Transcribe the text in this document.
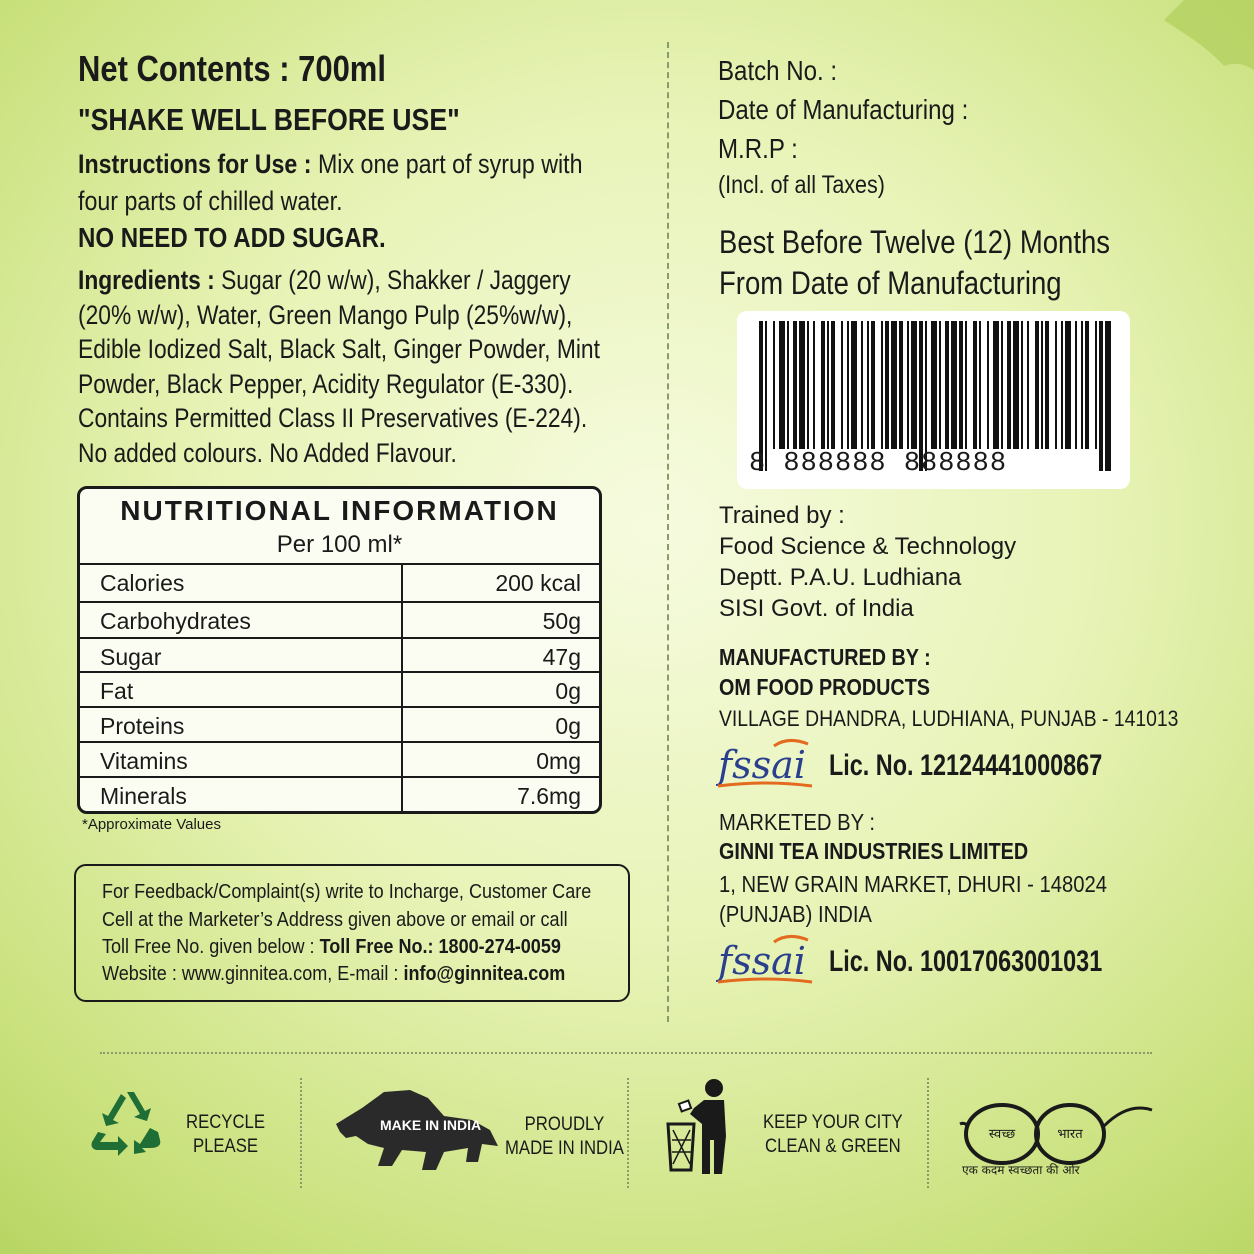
Net Contents : 700ml
"SHAKE WELL BEFORE USE"
Instructions for Use : Mix one part of syrup with four parts of chilled water.
NO NEED TO ADD SUGAR.
Ingredients : Sugar (20 w/w), Shakker / Jaggery (20% w/w), Water, Green Mango Pulp (25%w/w), Edible Iodized Salt, Black Salt, Ginger Powder, Mint Powder, Black Pepper, Acidity Regulator (E-330). Contains Permitted Class II Preservatives (E-224). No added colours. No Added Flavour.
NUTRITIONAL INFORMATION
Per 100 ml*
Calories	200 kcal
Carbohydrates	50g
Sugar	47g
Fat	0g
Proteins	0g
Vitamins	0mg
Minerals	7.6mg
*Approximate Values
For Feedback/Complaint(s) write to Incharge, Customer Care
Cell at the Marketer’s Address given above or email or call
Toll Free No. given below : Toll Free No.: 1800-274-0059
Website : www.ginnitea.com, E-mail : info@ginnitea.com
Batch No. :
Date of Manufacturing :
M.R.P :
(Incl. of all Taxes)
Best Before Twelve (12) Months
From Date of Manufacturing
8 888888 888888
Trained by :
Food Science & Technology
Deptt. P.A.U. Ludhiana
SISI Govt. of India
MANUFACTURED BY :
OM FOOD PRODUCTS
VILLAGE DHANDRA, LUDHIANA, PUNJAB - 141013
fssai Lic. No. 12124441000867
MARKETED BY :
GINNI TEA INDUSTRIES LIMITED
1, NEW GRAIN MARKET, DHURI - 148024
(PUNJAB) INDIA
fssai Lic. No. 10017063001031
RECYCLE
PLEASE
MAKE IN INDIA	PROUDLY
MADE IN INDIA
KEEP YOUR CITY
CLEAN & GREEN
स्वच्छ	भारत
एक कदम स्वच्छता की ओर
